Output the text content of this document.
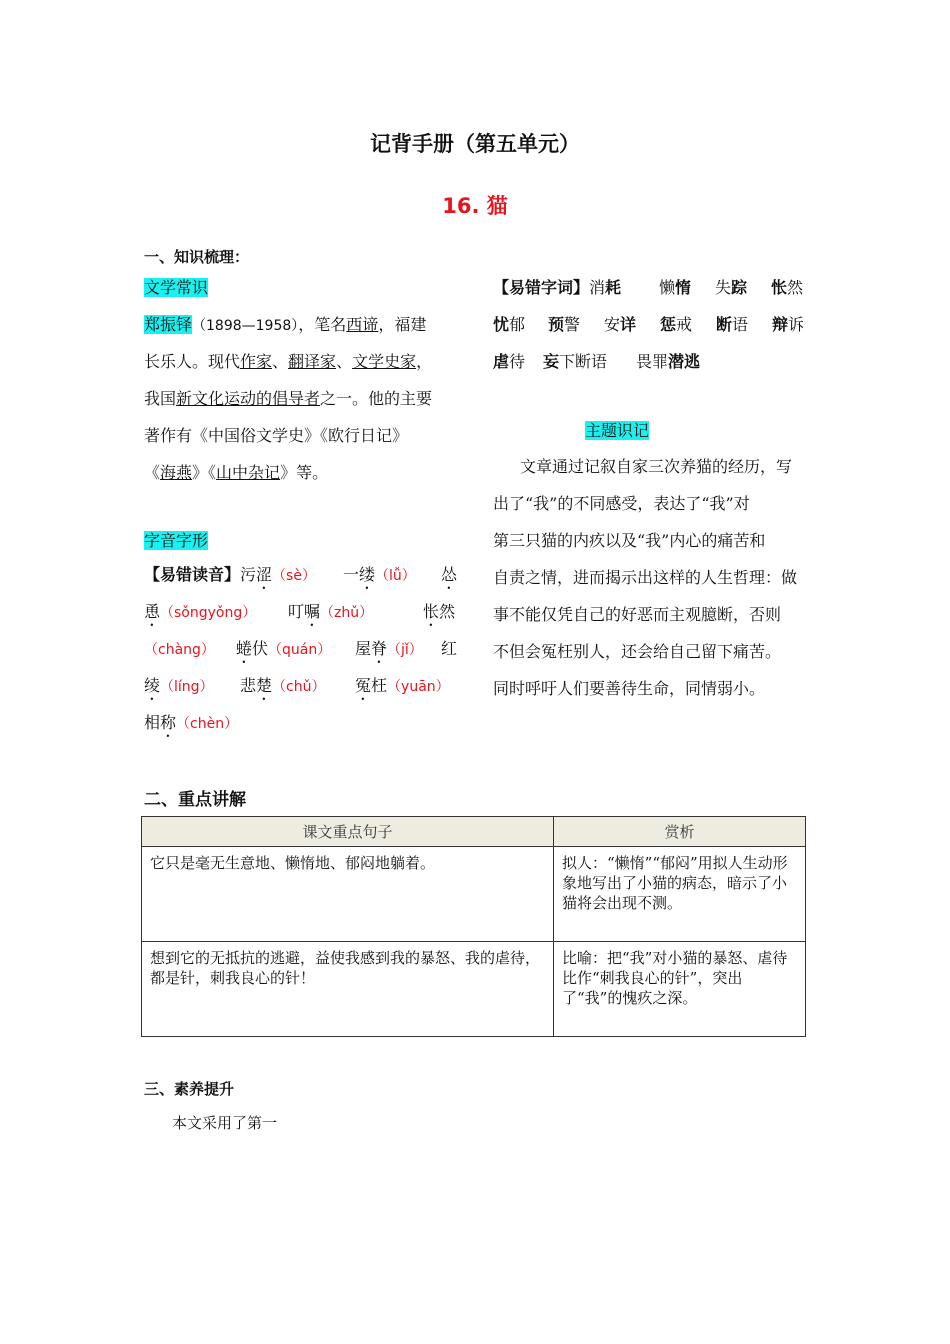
记背手册（第五单元）
16. 猫
一、知识梳理：
文学常识
郑振铎（1898—1958），笔名西谛，福建
长乐人。现代作家、翻译家、文学史家，
我国新文化运动的倡导者之一。他的主要
著作有《中国俗文学史》《欧行日记》
《海燕》《山中杂记》等。
字音字形
【易错读音】污涩（sè） 一缕（lǚ） 怂
恿（sǒngyǒng） 叮嘱（zhǔ）	怅然
（chàng） 蜷伏（quán） 屋脊（jǐ） 红
绫（líng） 悲楚（chǔ） 冤枉（yuān）
相称（chèn）
【易错字词】消耗 懒惰 失踪 怅然
忧郁 预警 安详 惩戒 断语 辩诉
虐待 妄下断语 畏罪潜逃
主题识记
文章通过记叙自家三次养猫的经历，写
出了“我”的不同感受，表达了“我”对
第三只猫的内疚以及“我”内心的痛苦和
自责之情，进而揭示出这样的人生哲理：做
事不能仅凭自己的好恶而主观臆断，否则
不但会冤枉别人，还会给自己留下痛苦。
同时呼吁人们要善待生命，同情弱小。
二、重点讲解
课文重点句子	赏析
它只是毫无生意地、懒惰地、郁闷地躺着。	拟人：“懒惰”“郁闷”用拟人生动形象地写出了小猫的病态，暗示了小猫将会出现不测。
想到它的无抵抗的逃避，益使我感到我的暴怒、我的虐待，都是针，刺我良心的针！	比喻：把“我”对小猫的暴怒、虐待比作“刺我良心的针”，突出了“我”的愧疚之深。
三、素养提升
本文采用了第一
